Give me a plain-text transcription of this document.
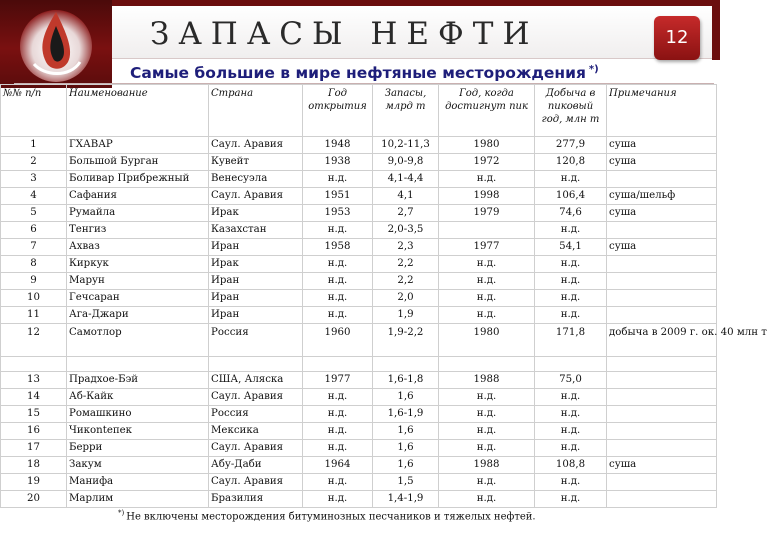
12
ЗАПАСЫ НЕФТИ
Самые большие в мире нефтяные месторождения *)
№№ п/п	Наименование	Страна	Год открытия	Запасы, млрд т	Год, когда достигнут пик	Добыча в пиковый год, млн т	Примечания
1	ГХАВАР	Саул. Аравия	1948	10,2-11,3	1980	277,9	суша
2	Большой Бурган	Кувейт	1938	9,0-9,8	1972	120,8	суша
3	Боливар Прибрежный	Венесуэла	н.д.	4,1-4,4	н.д.	н.д.	
4	Сафания	Саул. Аравия	1951	4,1	1998	106,4	суша/шельф
5	Румайла	Ирак	1953	2,7	1979	74,6	суша
6	Тенгиз	Казахстан	н.д.	2,0-3,5		н.д.	
7	Ахваз	Иран	1958	2,3	1977	54,1	суша
8	Киркук	Ирак	н.д.	2,2	н.д.	н.д.	
9	Марун	Иран	н.д.	2,2	н.д.	н.д.	
10	Гечсаран	Иран	н.д.	2,0	н.д.	н.д.	
11	Ага-Джари	Иран	н.д.	1,9	н.д.	н.д.	
12	Самотлор	Россия	1960	1,9-2,2	1980	171,8	добыча в 2009 г. ок. 40 млн т

13	Прадхое-Бэй	США, Аляска	1977	1,6-1,8	1988	75,0	
14	Аб-Кайк	Саул. Аравия	н.д.	1,6	н.д.	н.д.	
15	Ромашкино	Россия	н.д.	1,6-1,9	н.д.	н.д.	
16	Чикontепек	Мексика	н.д.	1,6	н.д.	н.д.	
17	Берри	Саул. Аравия	н.д.	1,6	н.д.	н.д.	
18	Закум	Абу-Даби	1964	1,6	1988	108,8	суша
19	Манифа	Саул. Аравия	н.д.	1,5	н.д.	н.д.	
20	Марлим	Бразилия	н.д.	1,4-1,9	н.д.	н.д.	
*) Не включены месторождения битуминозных песчаников и тяжелых нефтей.
